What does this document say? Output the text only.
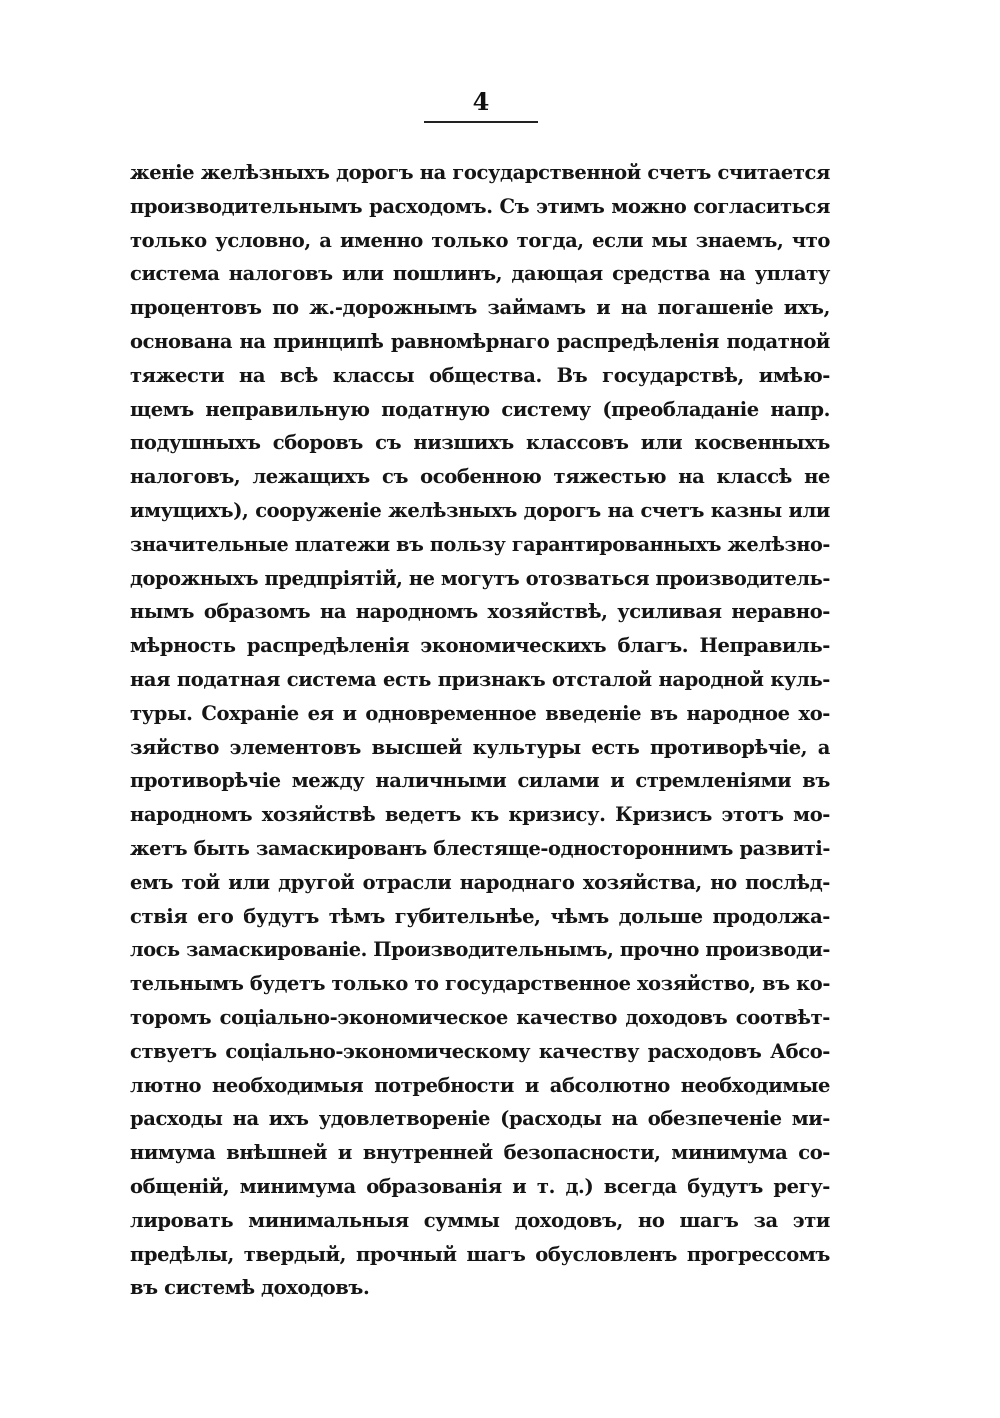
4
женіе желѣзныхъ дорогъ на государственной счетъ считается
производительнымъ расходомъ. Съ этимъ можно согласиться
только условно, а именно только тогда, если мы знаемъ, что
система налоговъ или пошлинъ, дающая средства на уплату
процентовъ по ж.-дорожнымъ займамъ и на погашеніе ихъ,
основана на принципѣ равномѣрнаго распредѣленія податной
тяжести на всѣ классы общества. Въ государствѣ, имѣю-
щемъ неправильную податную систему (преобладаніе напр.
подушныхъ сборовъ съ низшихъ классовъ или косвенныхъ
налоговъ, лежащихъ съ особенною тяжестью на классѣ не
имущихъ), сооруженіе желѣзныхъ дорогъ на счетъ казны или
значительные платежи въ пользу гарантированныхъ желѣзно-
дорожныхъ предпріятій, не могутъ отозваться производитель-
нымъ образомъ на народномъ хозяйствѣ, усиливая неравно-
мѣрность распредѣленія экономическихъ благъ. Неправиль-
ная податная система есть признакъ отсталой народной куль-
туры. Сохраніе ея и одновременное введеніе въ народное хо-
зяйство элементовъ высшей культуры есть противорѣчіе, а
противорѣчіе между наличными силами и стремленіями въ
народномъ хозяйствѣ ведетъ къ кризису. Кризисъ этотъ мо-
жетъ быть замаскированъ блестяще-одностороннимъ развиті-
емъ той или другой отрасли народнаго хозяйства, но послѣд-
ствія его будутъ тѣмъ губительнѣе, чѣмъ дольше продолжа-
лось замаскированіе. Производительнымъ, прочно производи-
тельнымъ будетъ только то государственное хозяйство, въ ко-
торомъ соціально-экономическое качество доходовъ соотвѣт-
ствуетъ соціально-экономическому качеству расходовъ Абсо-
лютно необходимыя потребности и абсолютно необходимые
расходы на ихъ удовлетвореніе (расходы на обезпеченіе ми-
нимума внѣшней и внутренней безопасности, минимума со-
общеній, минимума образованія и т. д.) всегда будутъ регу-
лировать минимальныя суммы доходовъ, но шагъ за эти
предѣлы, твердый, прочный шагъ обусловленъ прогрессомъ
въ системѣ доходовъ.
